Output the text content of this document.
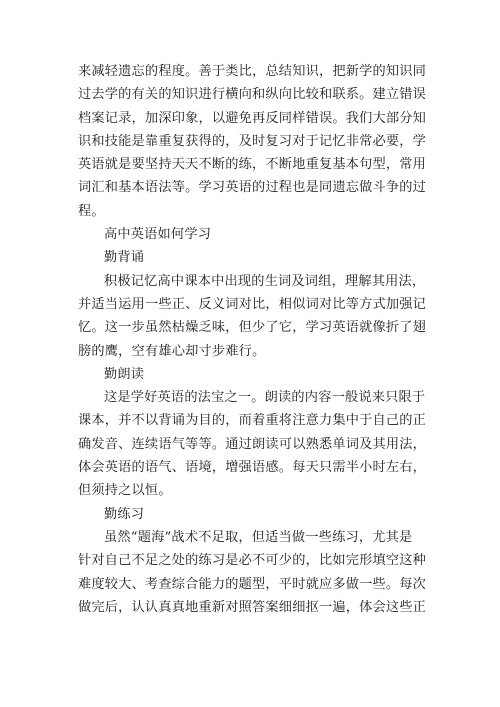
来减轻遗忘的程度。善于类比，总结知识，把新学的知识同
过去学的有关的知识进行横向和纵向比较和联系。建立错误
档案记录，加深印象，以避免再反同样错误。我们大部分知
识和技能是靠重复获得的，及时复习对于记忆非常必要，学
英语就是要坚持天天不断的练，不断地重复基本句型，常用
词汇和基本语法等。学习英语的过程也是同遗忘做斗争的过
程。
高中英语如何学习
勤背诵
积极记忆高中课本中出现的生词及词组，理解其用法，
并适当运用一些正、反义词对比，相似词对比等方式加强记
忆。这一步虽然枯燥乏味，但少了它，学习英语就像折了翅
膀的鹰，空有雄心却寸步难行。
勤朗读
这是学好英语的法宝之一。朗读的内容一般说来只限于
课本，并不以背诵为目的，而着重将注意力集中于自己的正
确发音、连续语气等等。通过朗读可以熟悉单词及其用法，
体会英语的语气、语境，增强语感。每天只需半小时左右，
但须持之以恒。
勤练习
虽然“题海”战术不足取，但适当做一些练习，尤其是
针对自己不足之处的练习是必不可少的，比如完形填空这种
难度较大、考查综合能力的题型，平时就应多做一些。每次
做完后，认认真真地重新对照答案细细抠一遍，体会这些正
